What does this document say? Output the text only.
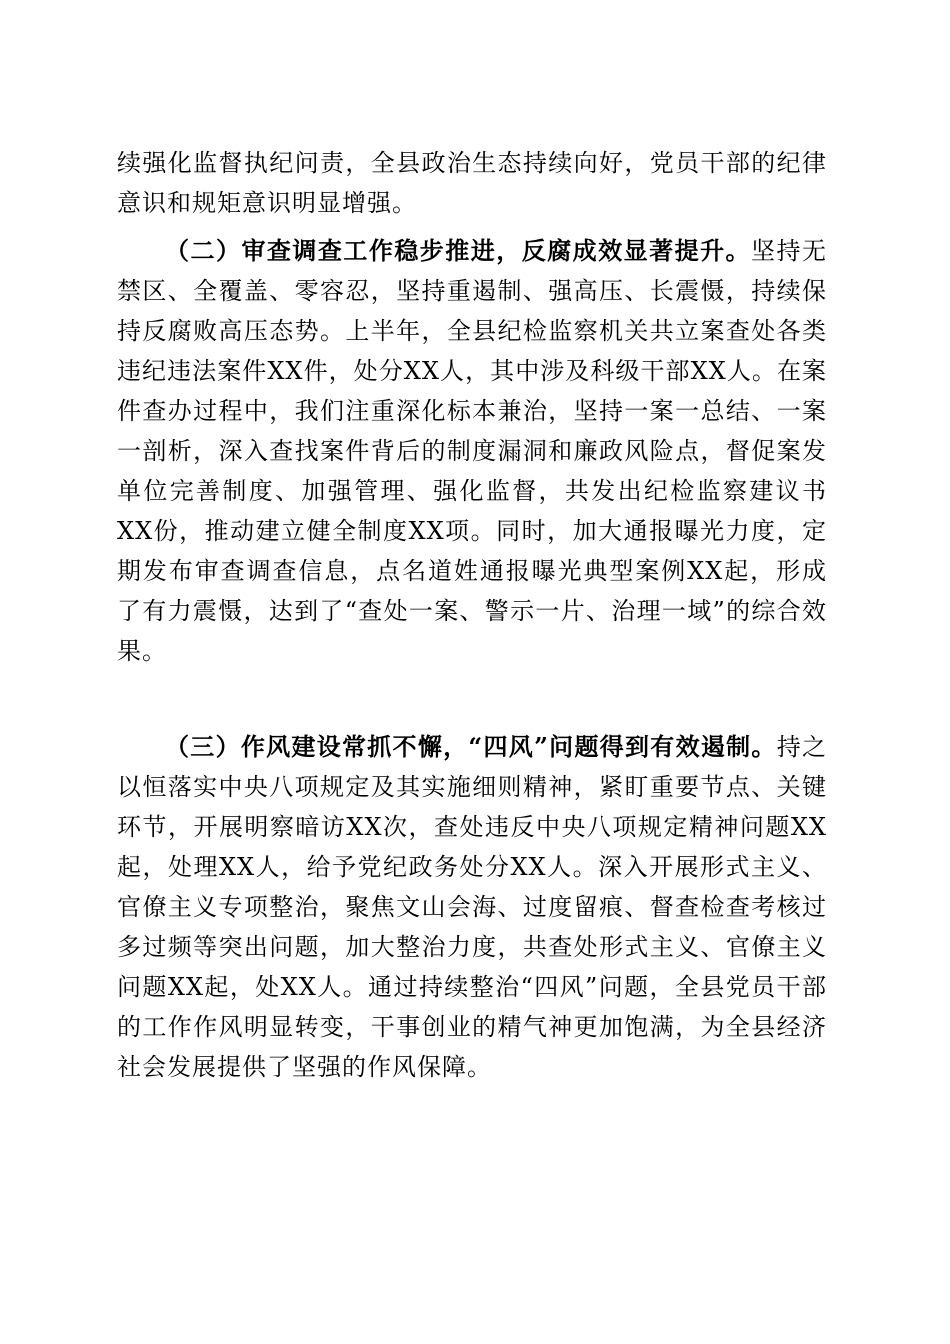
续强化监督执纪问责，全县政治生态持续向好，党员干部的纪律意识和规矩意识明显增强。

（二）审查调查工作稳步推进，反腐成效显著提升。坚持无禁区、全覆盖、零容忍，坚持重遏制、强高压、长震慑，持续保持反腐败高压态势。上半年，全县纪检监察机关共立案查处各类违纪违法案件XX件，处分XX人，其中涉及科级干部XX人。在案件查办过程中，我们注重深化标本兼治，坚持一案一总结、一案一剖析，深入查找案件背后的制度漏洞和廉政风险点，督促案发单位完善制度、加强管理、强化监督，共发出纪检监察建议书XX份，推动建立健全制度XX项。同时，加大通报曝光力度，定期发布审查调查信息，点名道姓通报曝光典型案例XX起，形成了有力震慑，达到了“查处一案、警示一片、治理一域”的综合效果。

（三）作风建设常抓不懈，“四风”问题得到有效遏制。持之以恒落实中央八项规定及其实施细则精神，紧盯重要节点、关键环节，开展明察暗访XX次，查处违反中央八项规定精神问题XX起，处理XX人，给予党纪政务处分XX人。深入开展形式主义、官僚主义专项整治，聚焦文山会海、过度留痕、督查检查考核过多过频等突出问题，加大整治力度，共查处形式主义、官僚主义问题XX起，处XX人。通过持续整治“四风”问题，全县党员干部的工作作风明显转变，干事创业的精气神更加饱满，为全县经济社会发展提供了坚强的作风保障。
